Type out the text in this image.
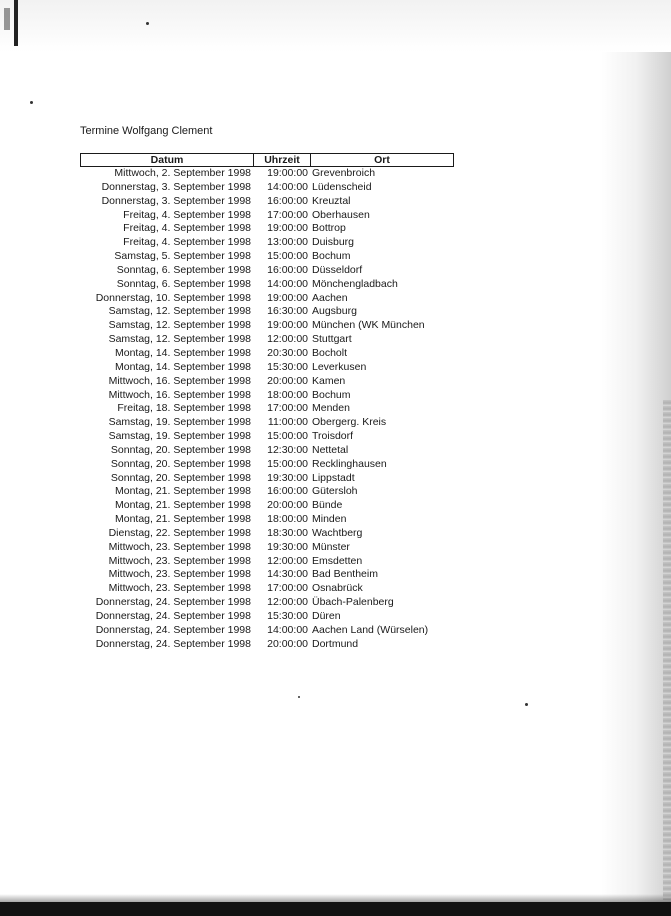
Termine Wolfgang Clement
Datum	Uhrzeit	Ort
Mittwoch, 2. September 1998	19:00:00 Grevenbroich
Donnerstag, 3. September 1998	14:00:00 Lüdenscheid
Donnerstag, 3. September 1998	16:00:00 Kreuztal
Freitag, 4. September 1998	17:00:00 Oberhausen
Freitag, 4. September 1998	19:00:00 Bottrop
Freitag, 4. September 1998	13:00:00 Duisburg
Samstag, 5. September 1998	15:00:00 Bochum
Sonntag, 6. September 1998	16:00:00 Düsseldorf
Sonntag, 6. September 1998	14:00:00 Mönchengladbach
Donnerstag, 10. September 1998	19:00:00 Aachen
Samstag, 12. September 1998	16:30:00 Augsburg
Samstag, 12. September 1998	19:00:00 München (WK München
Samstag, 12. September 1998	12:00:00 Stuttgart
Montag, 14. September 1998	20:30:00 Bocholt
Montag, 14. September 1998	15:30:00 Leverkusen
Mittwoch, 16. September 1998	20:00:00 Kamen
Mittwoch, 16. September 1998	18:00:00 Bochum
Freitag, 18. September 1998	17:00:00 Menden
Samstag, 19. September 1998	11:00:00 Obergerg. Kreis
Samstag, 19. September 1998	15:00:00 Troisdorf
Sonntag, 20. September 1998	12:30:00 Nettetal
Sonntag, 20. September 1998	15:00:00 Recklinghausen
Sonntag, 20. September 1998	19:30:00 Lippstadt
Montag, 21. September 1998	16:00:00 Gütersloh
Montag, 21. September 1998	20:00:00 Bünde
Montag, 21. September 1998	18:00:00 Minden
Dienstag, 22. September 1998	18:30:00 Wachtberg
Mittwoch, 23. September 1998	19:30:00 Münster
Mittwoch, 23. September 1998	12:00:00 Emsdetten
Mittwoch, 23. September 1998	14:30:00 Bad Bentheim
Mittwoch, 23. September 1998	17:00:00 Osnabrück
Donnerstag, 24. September 1998	12:00:00 Übach-Palenberg
Donnerstag, 24. September 1998	15:30:00 Düren
Donnerstag, 24. September 1998	14:00:00 Aachen Land (Würselen)
Donnerstag, 24. September 1998	20:00:00 Dortmund
